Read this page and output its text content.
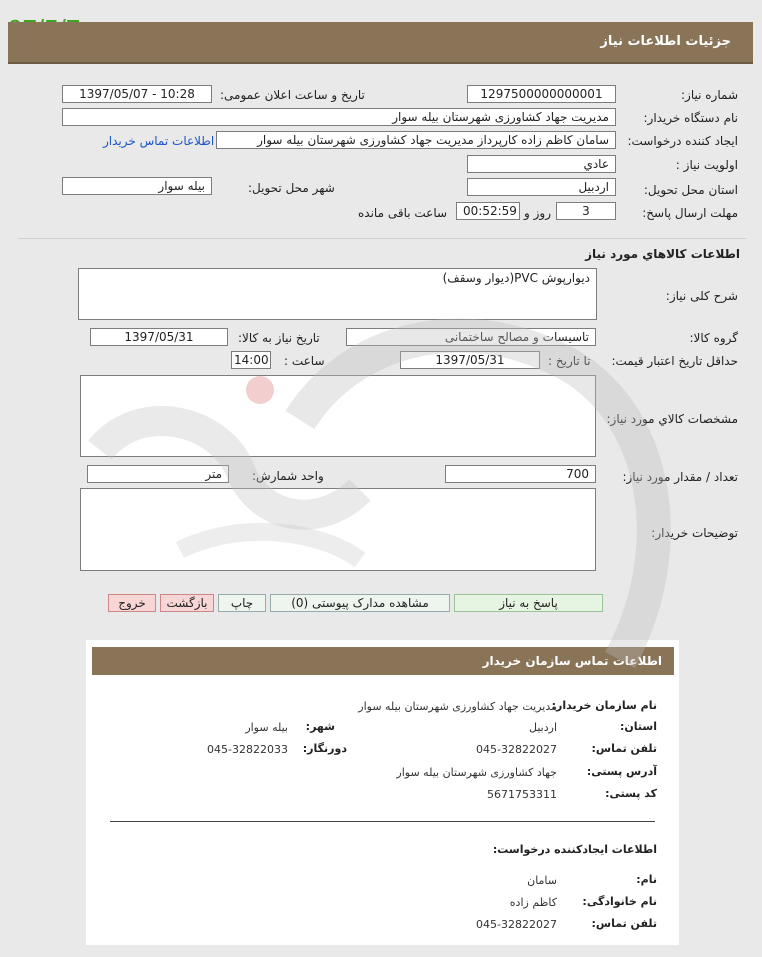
جزئیات اطلاعات نیاز
شماره نیاز:
1297500000000001
تاریخ و ساعت اعلان عمومی:
1397/05/07 - 10:28
نام دستگاه خریدار:
مدیریت جهاد کشاورزی شهرستان بیله سوار
ایجاد کننده درخواست:
سامان کاظم زاده کارپرداز مدیریت جهاد کشاورزی شهرستان بیله سوار
اطلاعات تماس خریدار
اولویت نیاز :
عادي
استان محل تحویل:
اردبیل
شهر محل تحویل:
بیله سوار
مهلت ارسال پاسخ:
3
روز و
00:52:59
ساعت باقی مانده
اطلاعات کالاهاي مورد نياز
شرح کلی نیاز:
دیوارپوش PVC(دیوار وسقف)
گروه کالا:
تاسیسات و مصالح ساختمانی
تاریخ نیاز به کالا:
1397/05/31
حداقل تاریخ اعتبار قیمت:
تا تاریخ :
1397/05/31
ساعت :
14:00
مشخصات کالاي مورد نياز:
تعداد / مقدار مورد نیاز:
700
واحد شمارش:
متر
توضیحات خریدار:
پاسخ به نياز
مشاهده مدارک پیوستی (0)
چاپ
بازگشت
خروج
اطلاعات تماس سازمان خریدار
نام سازمان خریدار:
مدیریت جهاد کشاورزی شهرستان بیله سوار
استان:
اردبیل
شهر:
بیله سوار
تلفن تماس:
045-32822027
دورنگار:
045-32822033
آدرس پستی:
جهاد کشاورزی شهرستان بیله سوار
کد پستی:
5671753311
اطلاعات ایجادکننده درخواست:
نام:
سامان
نام خانوادگی:
کاظم زاده
تلفن تماس:
045-32822027
